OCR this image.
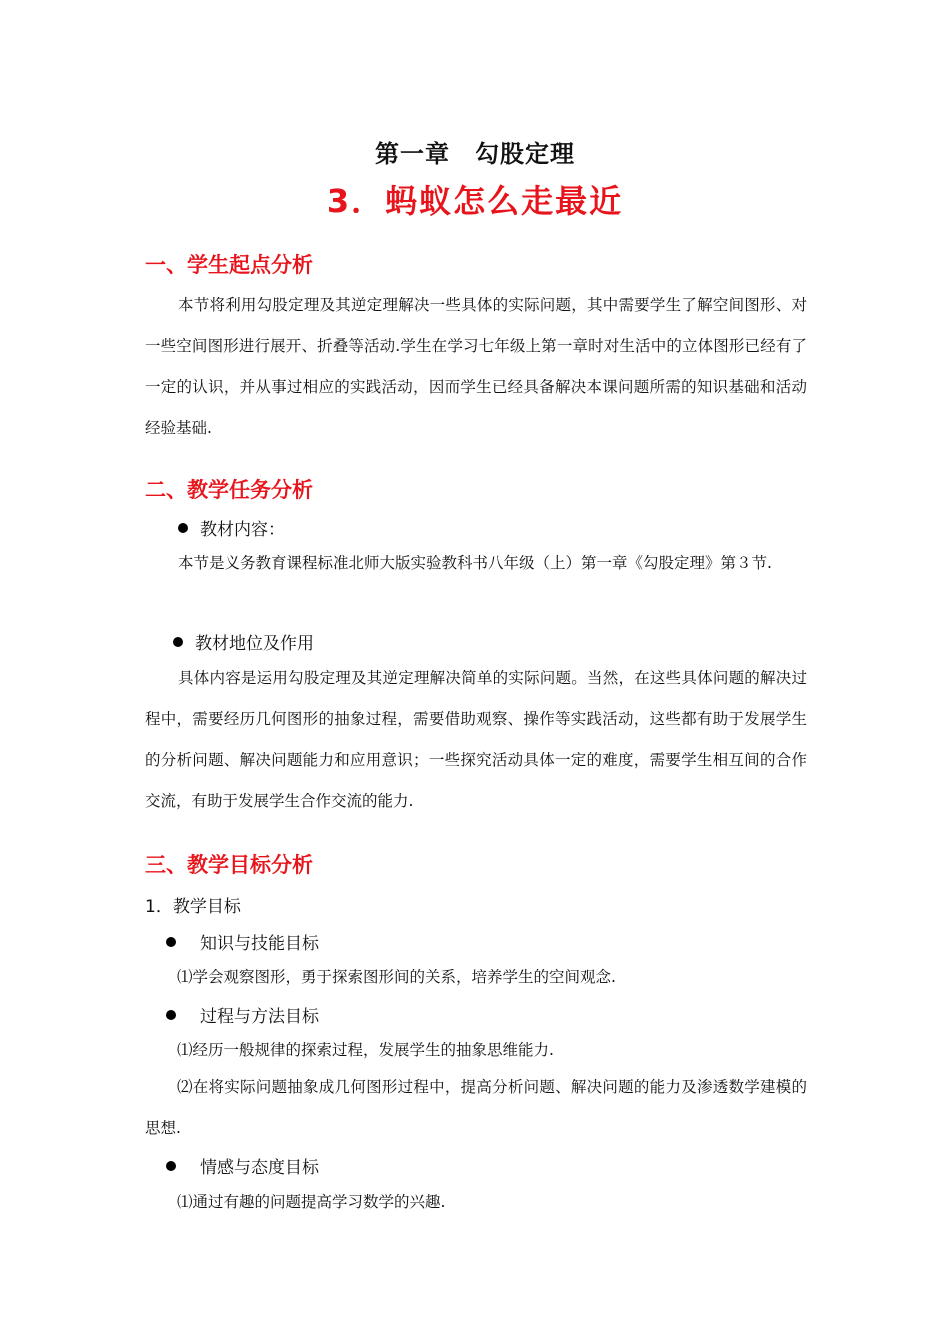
第一章　勾股定理
3．蚂蚁怎么走最近
一、学生起点分析
本节将利用勾股定理及其逆定理解决一些具体的实际问题，其中需要学生了解空间图形、对一些空间图形进行展开、折叠等活动.学生在学习七年级上第一章时对生活中的立体图形已经有了一定的认识，并从事过相应的实践活动，因而学生已经具备解决本课问题所需的知识基础和活动经验基础.
二、教学任务分析
教材内容：
本节是义务教育课程标准北师大版实验教科书八年级（上）第一章《勾股定理》第３节.
教材地位及作用
具体内容是运用勾股定理及其逆定理解决简单的实际问题。当然，在这些具体问题的解决过程中，需要经历几何图形的抽象过程，需要借助观察、操作等实践活动，这些都有助于发展学生的分析问题、解决问题能力和应用意识；一些探究活动具体一定的难度，需要学生相互间的合作交流，有助于发展学生合作交流的能力.
三、教学目标分析
1．教学目标
知识与技能目标
⑴学会观察图形，勇于探索图形间的关系，培养学生的空间观念.
过程与方法目标
⑴经历一般规律的探索过程，发展学生的抽象思维能力.
⑵在将实际问题抽象成几何图形过程中，提高分析问题、解决问题的能力及渗透数学建模的思想.
情感与态度目标
⑴通过有趣的问题提高学习数学的兴趣.
